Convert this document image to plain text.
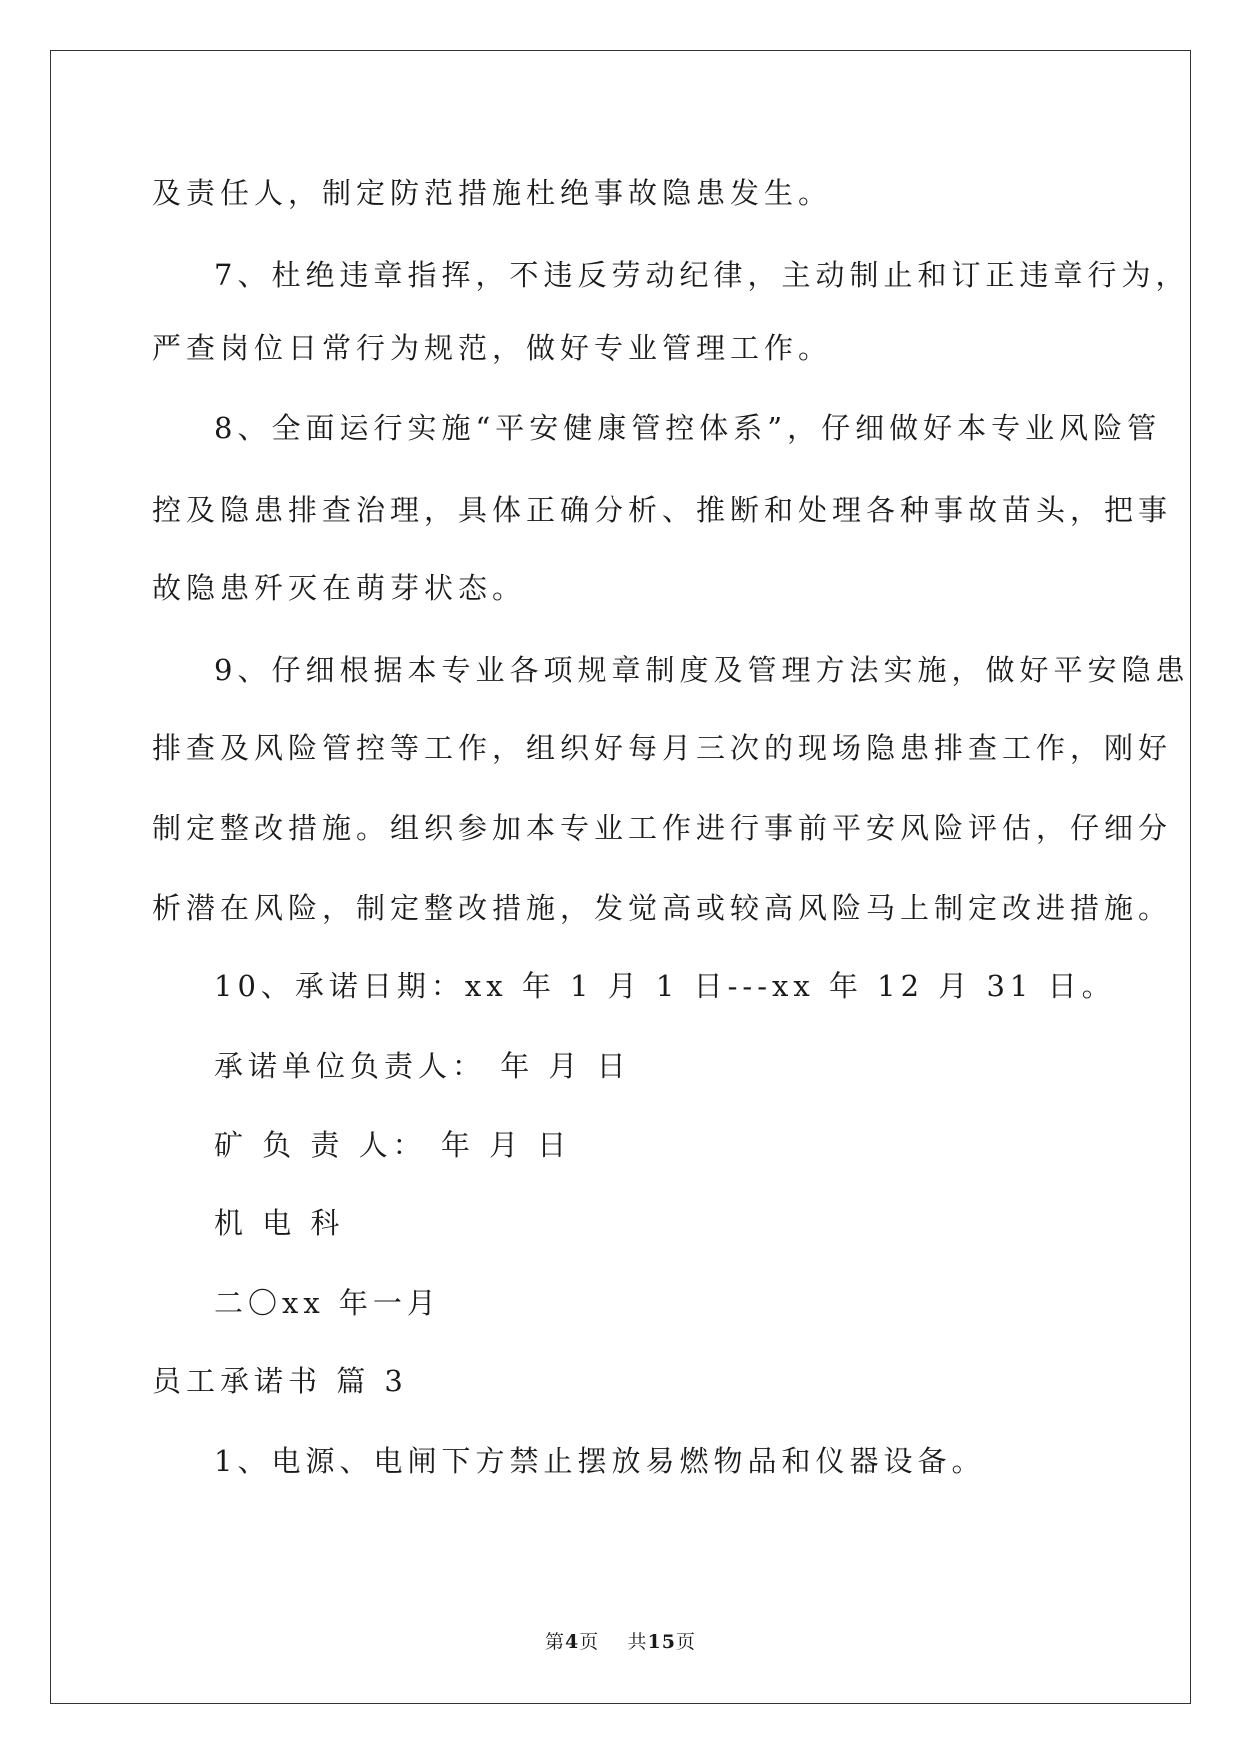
及责任人，制定防范措施杜绝事故隐患发生。
7、杜绝违章指挥，不违反劳动纪律，主动制止和订正违章行为，
严查岗位日常行为规范，做好专业管理工作。
8、全面运行实施“平安健康管控体系”，仔细做好本专业风险管
控及隐患排查治理，具体正确分析、推断和处理各种事故苗头，把事
故隐患歼灭在萌芽状态。
9、仔细根据本专业各项规章制度及管理方法实施，做好平安隐患
排查及风险管控等工作，组织好每月三次的现场隐患排查工作，刚好
制定整改措施。组织参加本专业工作进行事前平安风险评估，仔细分
析潜在风险，制定整改措施，发觉高或较高风险马上制定改进措施。
10、承诺日期：xx 年 1 月 1 日---xx 年 12 月 31 日。
承诺单位负责人： 年 月 日
矿 负 责 人： 年 月 日
机 电 科
二〇xx 年一月
员工承诺书 篇 3
1、电源、电闸下方禁止摆放易燃物品和仪器设备。
第4页 共15页
